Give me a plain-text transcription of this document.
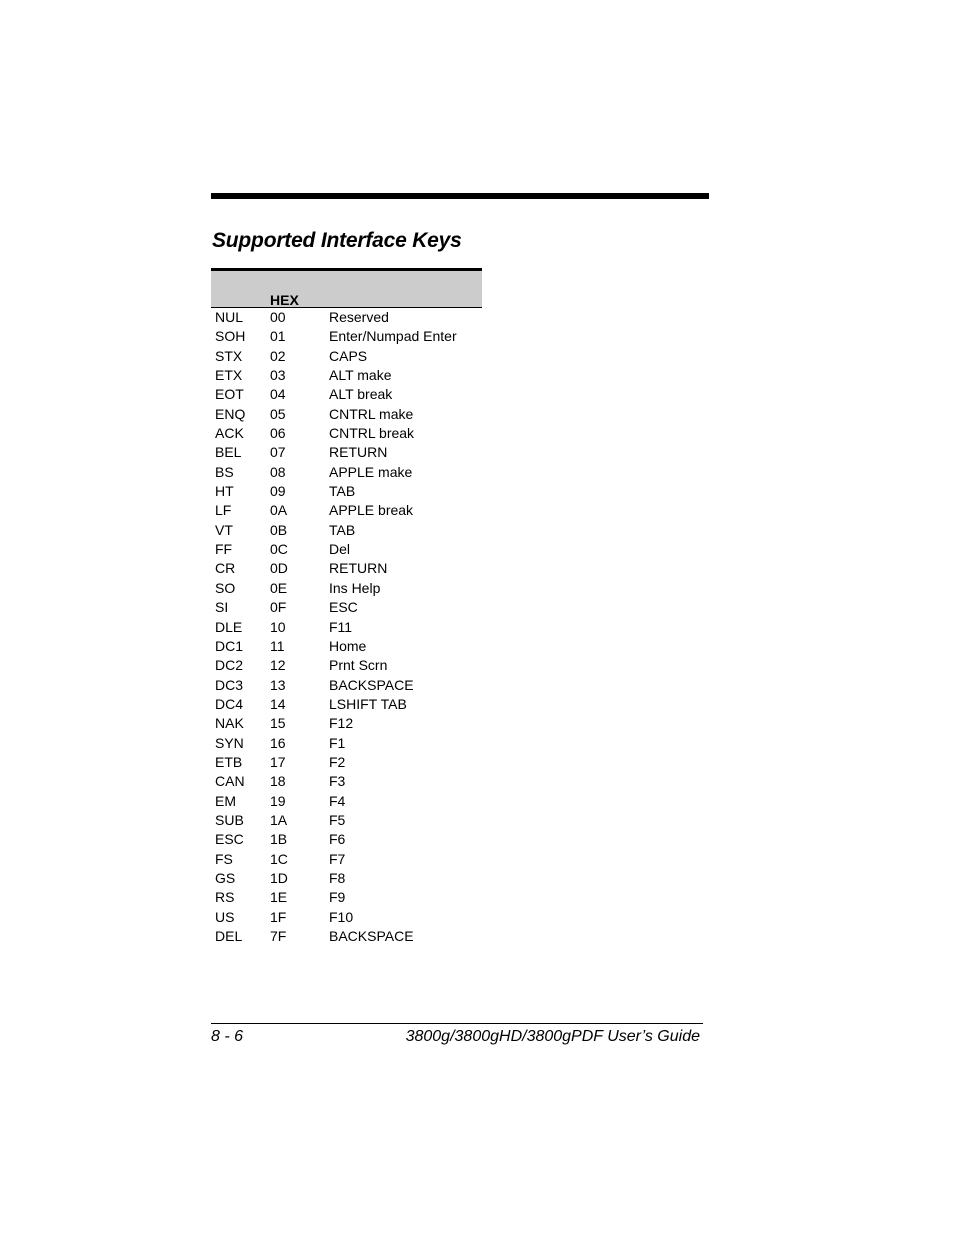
Supported Interface Keys
HEX
NUL 00	Reserved
SOH 01	Enter/Numpad Enter
STX 02	CAPS
ETX 03	ALT make
EOT 04	ALT break
ENQ 05	CNTRL make
ACK 06	CNTRL break
BEL 07	RETURN
BS	08	APPLE make
HT	09	TAB
LF	0A	APPLE break
VT	0B	TAB
FF	0C	Del
CR 0D	RETURN
SO 0E	Ins Help
SI	0F	ESC
DLE 10	F11
DC1 11	Home
DC2 12	Prnt Scrn
DC3 13	BACKSPACE
DC4 14	LSHIFT TAB
NAK 15	F12
SYN 16	F1
ETB 17	F2
CAN 18	F3
EM 19	F4
SUB 1A	F5
ESC 1B	F6
FS	1C	F7
GS 1D	F8
RS	1E	F9
US	1F	F10
DEL 7F	BACKSPACE
8 - 6	3800g/3800gHD/3800gPDF User’s Guide
